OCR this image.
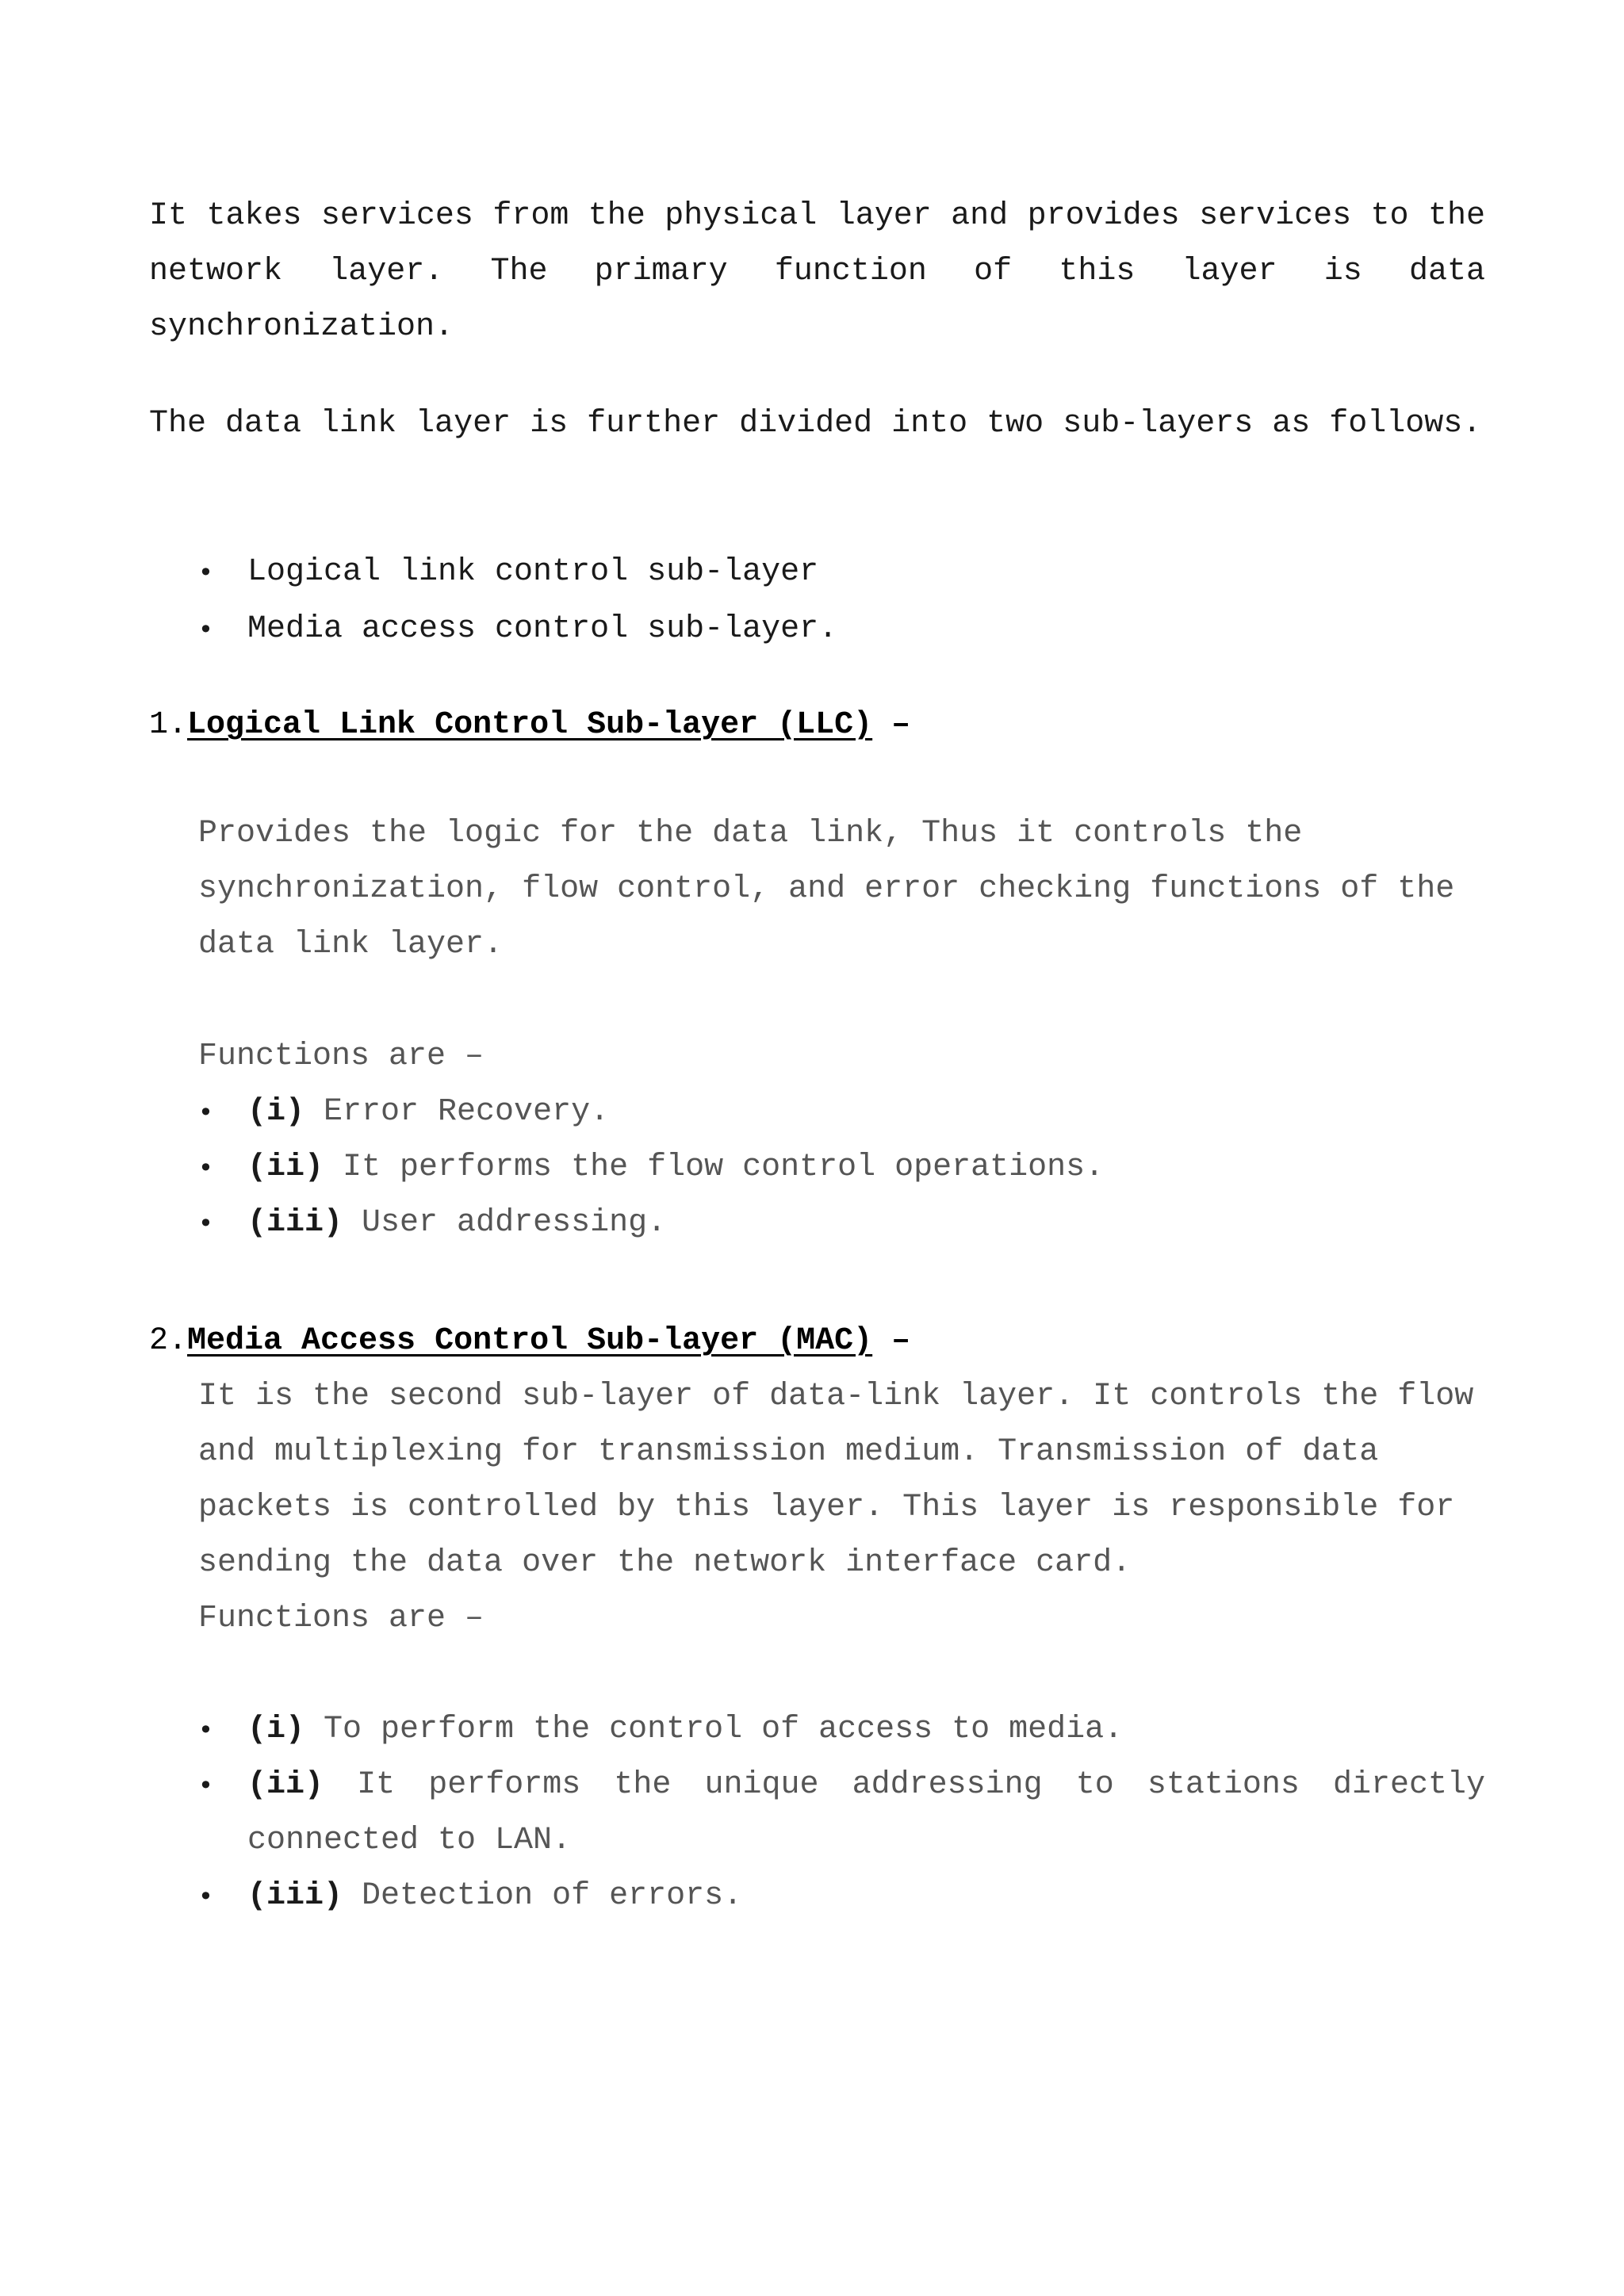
It takes services from the physical layer and provides services to the network layer. The primary function of this layer is data synchronization.

The data link layer is further divided into two sub-layers as follows.

• Logical link control sub-layer
• Media access control sub-layer.
1.Logical Link Control Sub-layer (LLC) –

Provides the logic for the data link, Thus it controls the synchronization, flow control, and error checking functions of the data link layer.

Functions are –

• (i) Error Recovery.
• (ii) It performs the flow control operations.
• (iii) User addressing.
2.Media Access Control Sub-layer (MAC) –
It is the second sub-layer of data-link layer. It controls the flow and multiplexing for transmission medium. Transmission of data packets is controlled by this layer. This layer is responsible for sending the data over the network interface card.
Functions are –
• (i) To perform the control of access to media.
• (ii) It performs the unique addressing to stations directly connected to LAN.
• (iii) Detection of errors.
